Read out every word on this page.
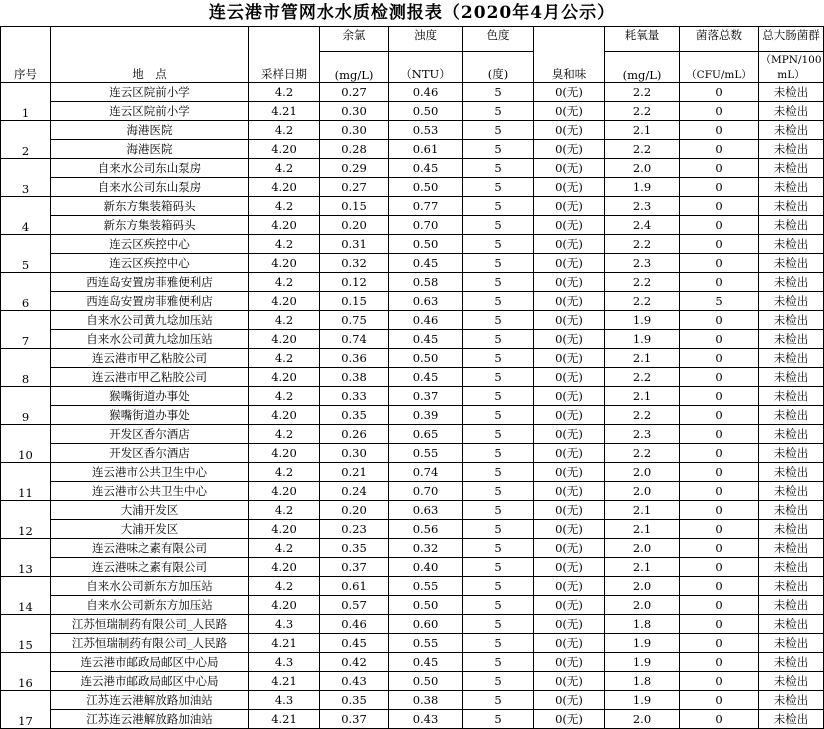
连云港市管网水水质检测报表（2020年4月公示）
序号	地　点	采样日期	余氯	浊度	色度	臭和味	耗氧量	菌落总数	总大肠菌群
			(mg/L)	（NTU）	(度)		(mg/L)	（CFU/mL）	（MPN/100
mL）

1	连云区院前小学	4.2	0.27	0.46	5	0(无)	2.2	0	未检出
	连云区院前小学	4.21	0.30	0.50	5	0(无)	2.2	0	未检出
2	海港医院	4.2	0.30	0.53	5	0(无)	2.1	0	未检出
	海港医院	4.20	0.28	0.61	5	0(无)	2.2	0	未检出
3	自来水公司东山泵房	4.2	0.29	0.45	5	0(无)	2.0	0	未检出
	自来水公司东山泵房	4.20	0.27	0.50	5	0(无)	1.9	0	未检出
4	新东方集装箱码头	4.2	0.15	0.77	5	0(无)	2.3	0	未检出
	新东方集装箱码头	4.20	0.20	0.70	5	0(无)	2.4	0	未检出
5	连云区疾控中心	4.2	0.31	0.50	5	0(无)	2.2	0	未检出
	连云区疾控中心	4.20	0.32	0.45	5	0(无)	2.3	0	未检出
6	西连岛安置房菲雅便利店	4.2	0.12	0.58	5	0(无)	2.2	0	未检出
	西连岛安置房菲雅便利店	4.20	0.15	0.63	5	0(无)	2.2	5	未检出
7	自来水公司黄九埝加压站	4.2	0.75	0.46	5	0(无)	1.9	0	未检出
	自来水公司黄九埝加压站	4.20	0.74	0.45	5	0(无)	1.9	0	未检出
8	连云港市甲乙粘胶公司	4.2	0.36	0.50	5	0(无)	2.1	0	未检出
	连云港市甲乙粘胶公司	4.20	0.38	0.45	5	0(无)	2.2	0	未检出
9	猴嘴街道办事处	4.2	0.33	0.37	5	0(无)	2.1	0	未检出
	猴嘴街道办事处	4.20	0.35	0.39	5	0(无)	2.2	0	未检出
10	开发区香尔酒店	4.2	0.26	0.65	5	0(无)	2.3	0	未检出
	开发区香尔酒店	4.20	0.30	0.55	5	0(无)	2.2	0	未检出
11	连云港市公共卫生中心	4.2	0.21	0.74	5	0(无)	2.0	0	未检出
	连云港市公共卫生中心	4.20	0.24	0.70	5	0(无)	2.0	0	未检出
12	大浦开发区	4.2	0.20	0.63	5	0(无)	2.1	0	未检出
	大浦开发区	4.20	0.23	0.56	5	0(无)	2.1	0	未检出
13	连云港味之素有限公司	4.2	0.35	0.32	5	0(无)	2.0	0	未检出
	连云港味之素有限公司	4.20	0.37	0.40	5	0(无)	2.1	0	未检出
14	自来水公司新东方加压站	4.2	0.61	0.55	5	0(无)	2.0	0	未检出
	自来水公司新东方加压站	4.20	0.57	0.50	5	0(无)	2.0	0	未检出
15	江苏恒瑞制药有限公司_人民路	4.3	0.46	0.60	5	0(无)	1.8	0	未检出
	江苏恒瑞制药有限公司_人民路	4.21	0.45	0.55	5	0(无)	1.9	0	未检出
16	连云港市邮政局邮区中心局	4.3	0.42	0.45	5	0(无)	1.9	0	未检出
	连云港市邮政局邮区中心局	4.21	0.43	0.50	5	0(无)	1.8	0	未检出
17	江苏连云港解放路加油站	4.3	0.35	0.38	5	0(无)	1.9	0	未检出
	江苏连云港解放路加油站	4.21	0.37	0.43	5	0(无)	2.0	0	未检出
